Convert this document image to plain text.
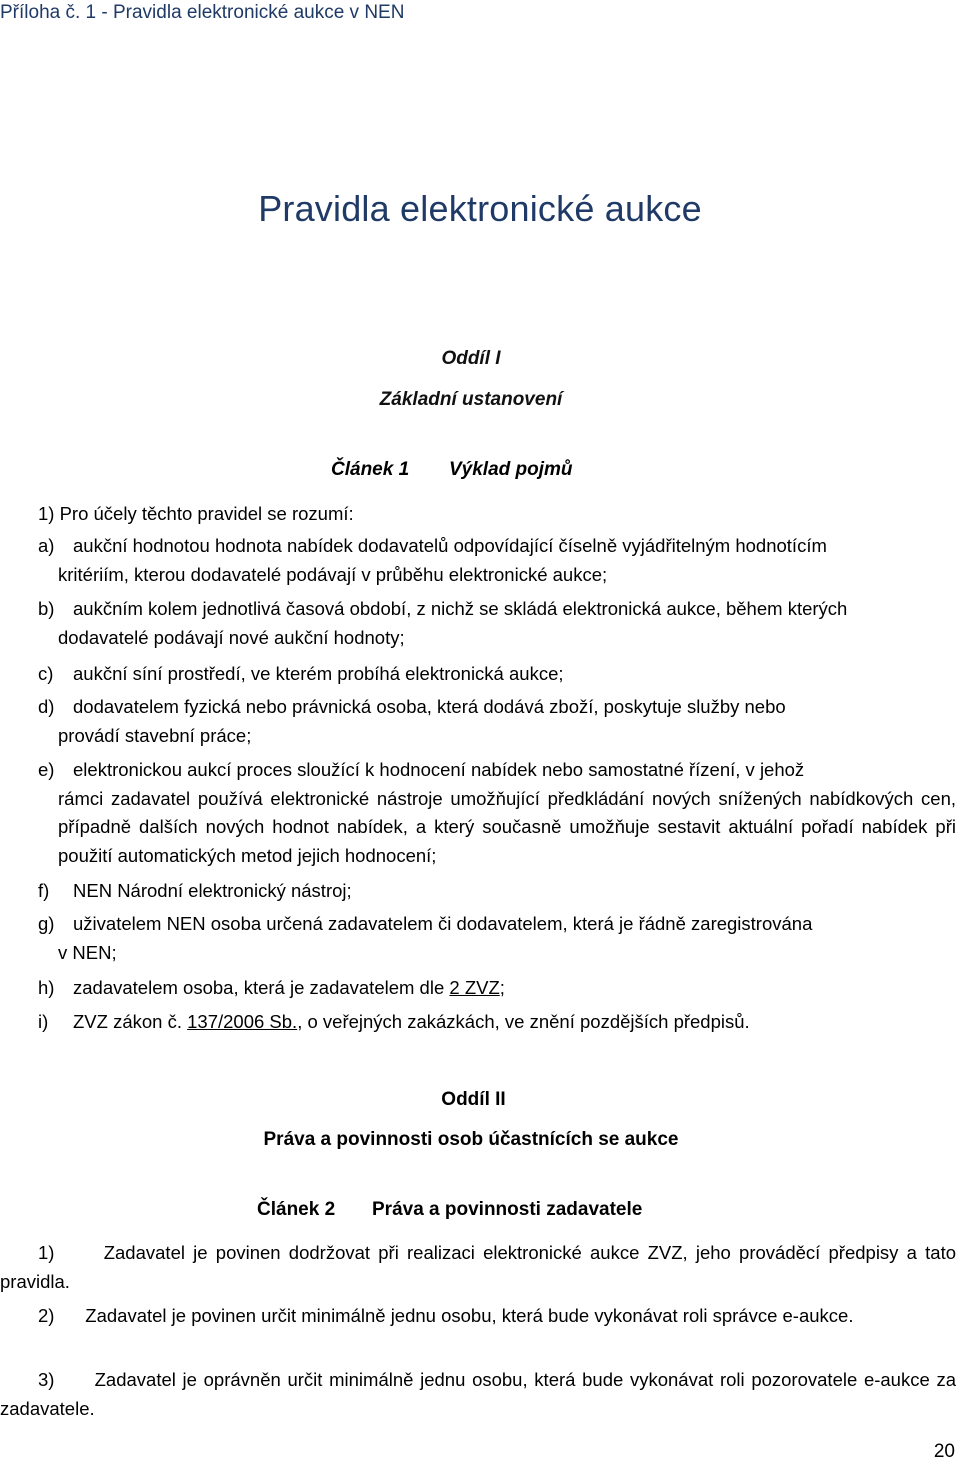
Příloha č. 1 - Pravidla elektronické aukce v NEN
Pravidla elektronické aukce
Oddíl I
Základní ustanovení
Článek 1 Výklad pojmů
1) Pro účely těchto pravidel se rozumí:
a)	aukční hodnotou hodnota nabídek dodavatelů odpovídající číselně vyjádřitelným hodnotícím
kritériím, kterou dodavatelé podávají v průběhu elektronické aukce;
b)	aukčním kolem jednotlivá časová období, z nichž se skládá elektronická aukce, během kterých
dodavatelé podávají nové aukční hodnoty;
c)	aukční síní prostředí, ve kterém probíhá elektronická aukce;
d)	dodavatelem fyzická nebo právnická osoba, která dodává zboží, poskytuje služby nebo
provádí stavební práce;
e)	elektronickou aukcí proces sloužící k hodnocení nabídek nebo samostatné řízení, v jehož
rámci zadavatel používá elektronické nástroje umožňující předkládání nových snížených nabídkových cen, případně dalších nových hodnot nabídek, a který současně umožňuje sestavit aktuální pořadí nabídek při použití automatických metod jejich hodnocení;
f)	NEN Národní elektronický nástroj;
g)	uživatelem NEN osoba určená zadavatelem či dodavatelem, která je řádně zaregistrována
v NEN;
h)	zadavatelem osoba, která je zadavatelem dle 2 ZVZ;
i)	ZVZ zákon č. 137/2006 Sb., o veřejných zakázkách, ve znění pozdějších předpisů.
Oddíl II
Práva a povinnosti osob účastnících se aukce
Článek 2 Práva a povinnosti zadavatele
1)	Zadavatel je povinen dodržovat při realizaci elektronické aukce ZVZ, jeho prováděcí předpisy a tato pravidla.
2) Zadavatel je povinen určit minimálně jednu osobu, která bude vykonávat roli správce e-aukce.
3) Zadavatel je oprávněn určit minimálně jednu osobu, která bude vykonávat roli pozorovatele e-aukce za zadavatele.
20
